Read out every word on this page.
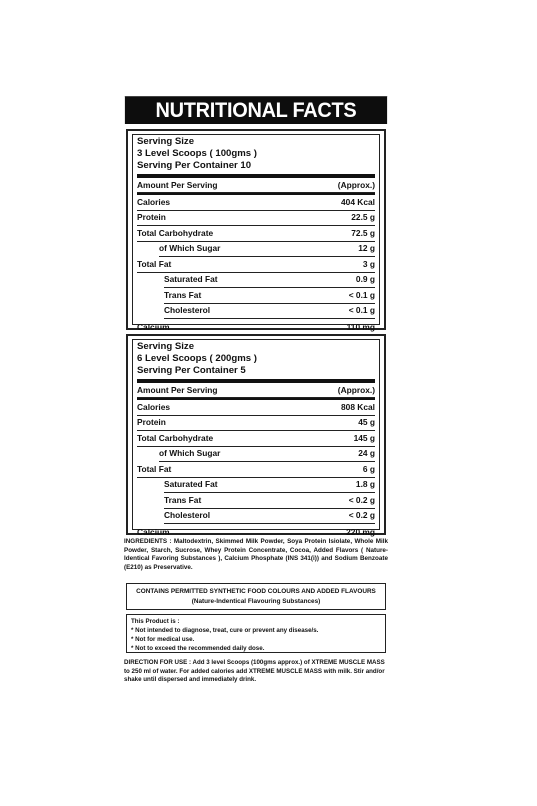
NUTRITIONAL FACTS
Serving Size
3 Level Scoops ( 100gms )
Serving Per Container 10
Amount Per Serving	(Approx.)
Calories	404 Kcal
Protein	22.5 g
Total Carbohydrate	72.5 g
of Which Sugar	12 g
Total Fat	3 g
Saturated Fat	0.9 g
Trans Fat	< 0.1 g
Cholesterol	< 0.1 g
Calcium	110 mg
Serving Size
6 Level Scoops ( 200gms )
Serving Per Container 5
Amount Per Serving	(Approx.)
Calories	808 Kcal
Protein	45 g
Total Carbohydrate	145 g
of Which Sugar	24 g
Total Fat	6 g
Saturated Fat	1.8 g
Trans Fat	< 0.2 g
Cholesterol	< 0.2 g
Calcium	220 mg
INGREDIENTS : Maltodextrin, Skimmed Milk Powder, Soya Protein Isiolate, Whole Milk Powder, Starch, Sucrose, Whey Protein Concentrate, Cocoa, Added Flavors ( Nature-Identical Favoring Substances ), Calcium Phosphate (INS 341(i)) and Sodium Benzoate (E210) as Preservative.
CONTAINS PERMITTED SYNTHETIC FOOD COLOURS AND ADDED FLAVOURS
(Nature-Indentical Flavouring Substances)
This Product is :
* Not intended to diagnose, treat, cure or prevent any disease/s.
* Not for medical use.
* Not to exceed the recommended daily dose.
DIRECTION FOR USE : Add 3 level Scoops (100gms approx.) of XTREME MUSCLE MASS to 250 ml of water. For added calories add XTREME MUSCLE MASS with milk. Stir and/or shake until dispersed and immediately drink.
